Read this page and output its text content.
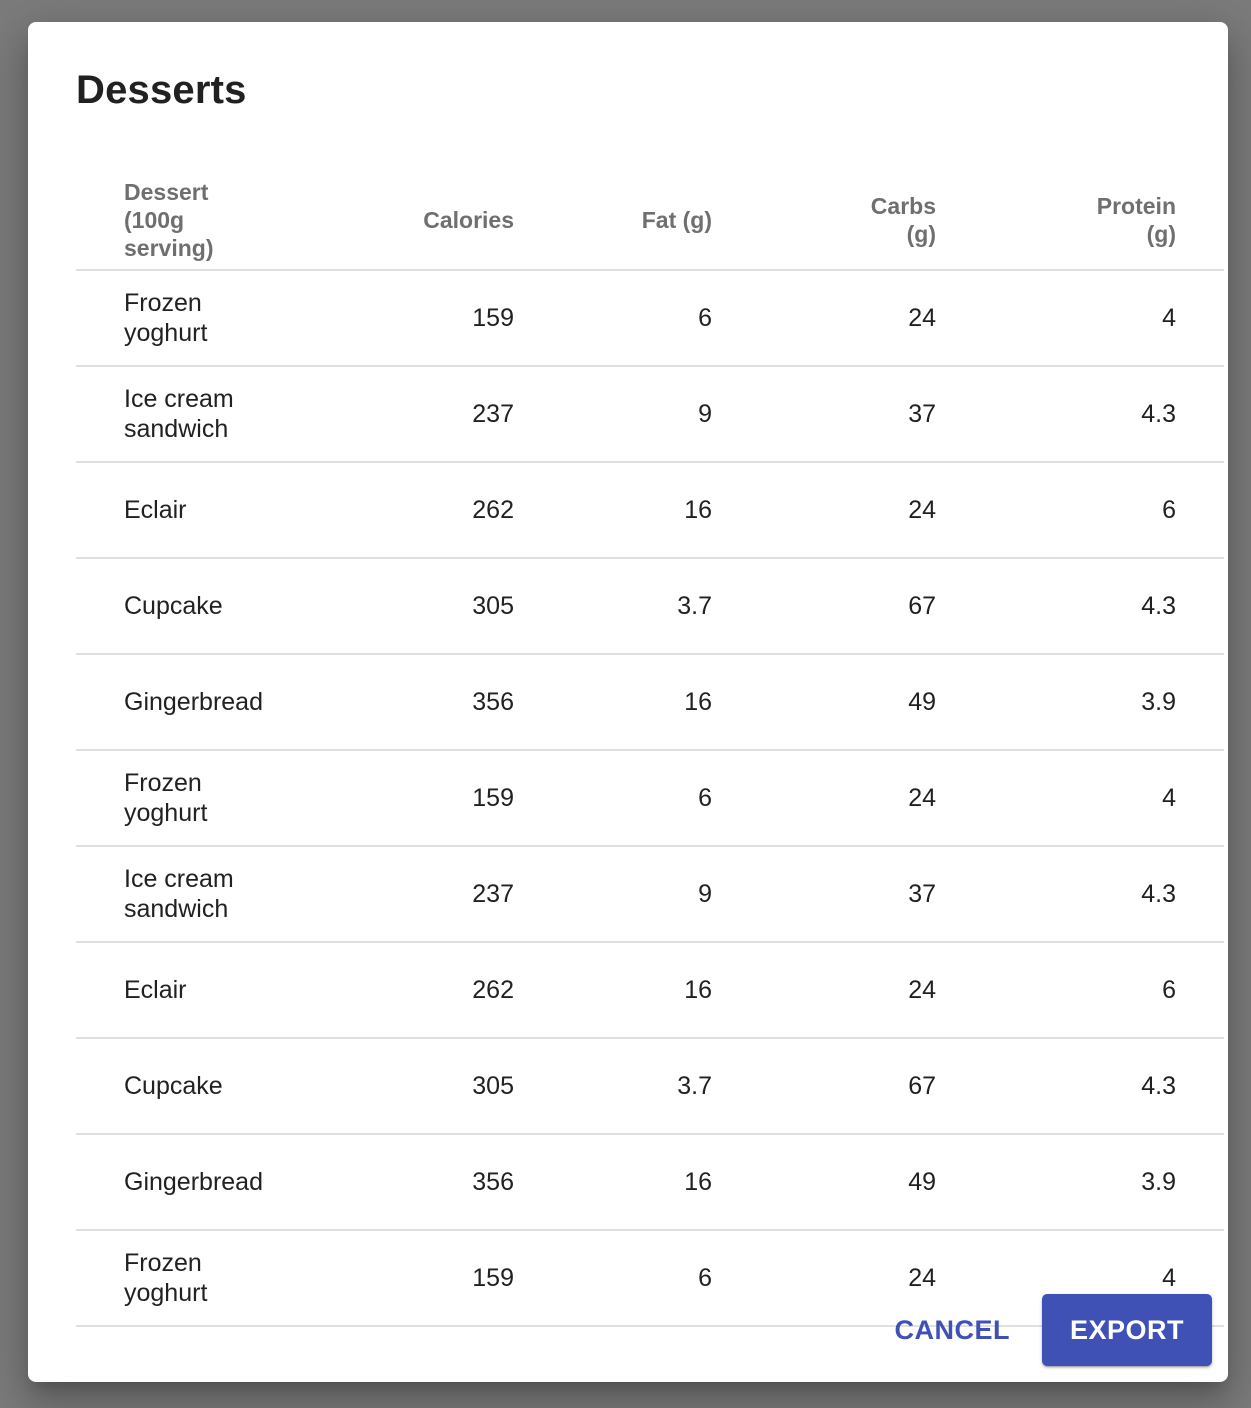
Desserts
Dessert (100g serving)	Calories	Fat (g)	Carbs (g)	Protein (g)
Frozen yoghurt	159	6	24	4
Ice cream sandwich	237	9	37	4.3
Eclair	262	16	24	6
Cupcake	305	3.7	67	4.3
Gingerbread	356	16	49	3.9
Frozen yoghurt	159	6	24	4
Ice cream sandwich	237	9	37	4.3
Eclair	262	16	24	6
Cupcake	305	3.7	67	4.3
Gingerbread	356	16	49	3.9
Frozen yoghurt	159	6	24	4
CANCEL	EXPORT
